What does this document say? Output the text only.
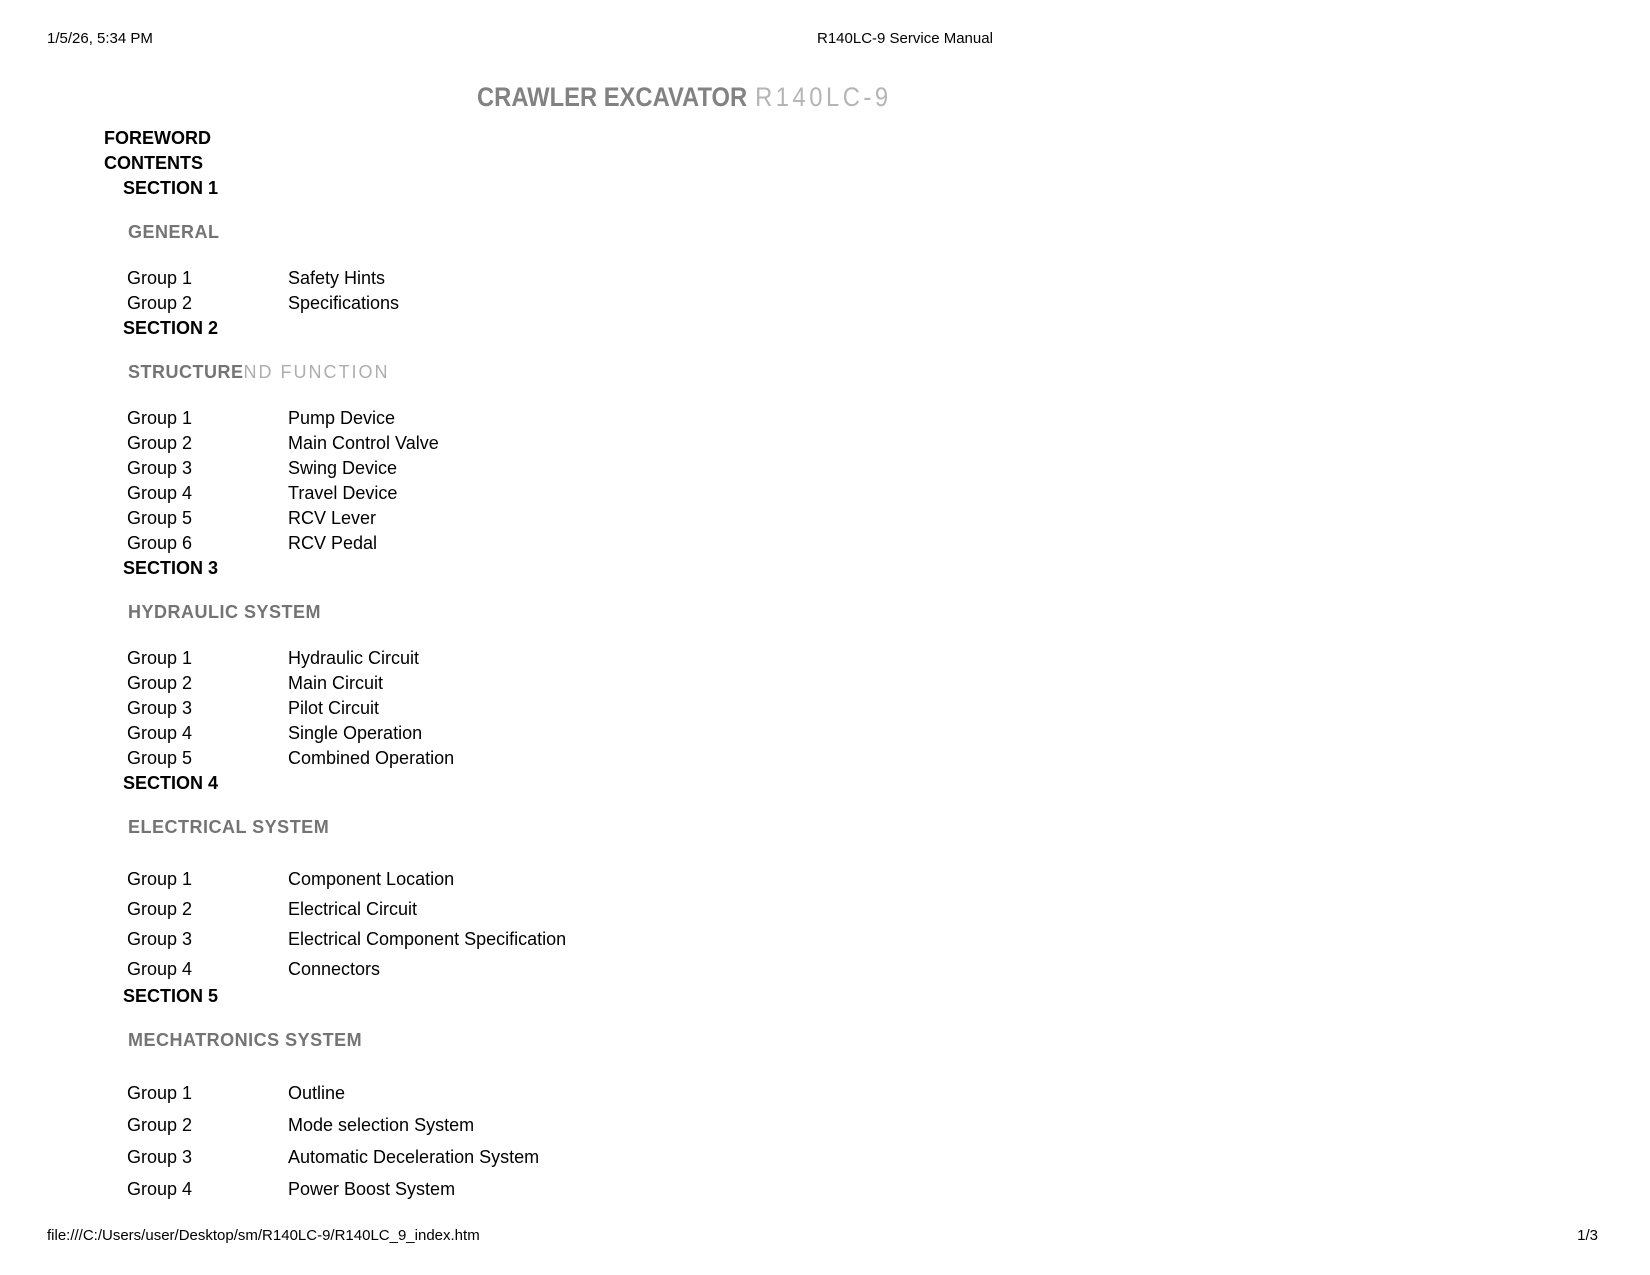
1/5/26, 5:34 PM	R140LC-9 Service Manual
CRAWLER EXCAVATOR R140LC-9
FOREWORD
CONTENTS
SECTION 1
GENERAL
Group 1	Safety Hints
Group 2	Specifications
SECTION 2
STRUCTUREND FUNCTION
Group 1	Pump Device
Group 2	Main Control Valve
Group 3	Swing Device
Group 4	Travel Device
Group 5	RCV Lever
Group 6	RCV Pedal
SECTION 3
HYDRAULIC SYSTEM
Group 1	Hydraulic Circuit
Group 2	Main Circuit
Group 3	Pilot Circuit
Group 4	Single Operation
Group 5	Combined Operation
SECTION 4
ELECTRICAL SYSTEM
Group 1	Component Location
Group 2	Electrical Circuit
Group 3	Electrical Component Specification
Group 4	Connectors
SECTION 5
MECHATRONICS SYSTEM
Group 1	Outline
Group 2	Mode selection System
Group 3	Automatic Deceleration System
Group 4	Power Boost System
file:///C:/Users/user/Desktop/sm/R140LC-9/R140LC_9_index.htm	1/3
